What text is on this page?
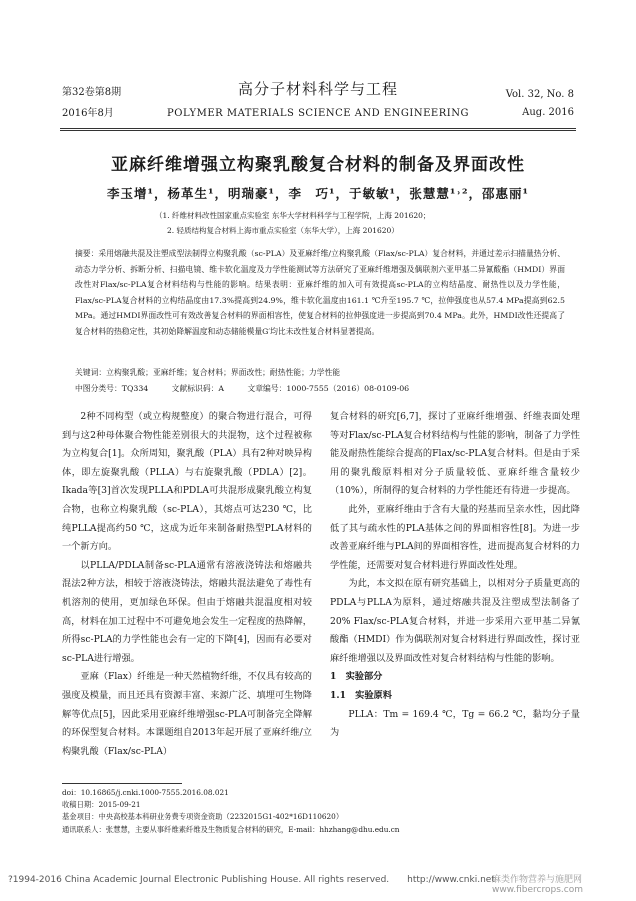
第32卷第8期
2016年8月
高分子材料科学与工程
POLYMER MATERIALS SCIENCE AND ENGINEERING
Vol. 32, No. 8
Aug. 2016
亚麻纤维增强立构聚乳酸复合材料的制备及界面改性
李玉增¹，杨革生¹，明瑞豪¹，李　巧¹，于敏敏¹，张慧慧¹˒²，邵惠丽¹
（1. 纤维材料改性国家重点实验室 东华大学材料科学与工程学院，上海 201620；
2. 轻质结构复合材料上海市重点实验室（东华大学），上海 201620）
摘要：采用熔融共混及注塑成型法制得立构聚乳酸（sc-PLA）及亚麻纤维/立构聚乳酸（Flax/sc-PLA）复合材料，并通过差示扫描量热分析、动态力学分析、拆断分析、扫描电镜、维卡软化温度及力学性能测试等方法研究了亚麻纤维增强及偶联剂六亚甲基二异氰酸酯（HMDI）界面改性对Flax/sc-PLA复合材料结构与性能的影响。结果表明：亚麻纤维的加入可有效提高sc-PLA的立构结晶度、耐热性以及力学性能，Flax/sc-PLA复合材料的立构结晶度由17.3%提高到24.9%，维卡软化温度由161.1 ℃升至195.7 ℃，拉伸强度也从57.4 MPa提高到62.5 MPa。通过HMDI界面改性可有效改善复合材料的界面相容性，使复合材料的拉伸强度进一步提高到70.4 MPa。此外，HMDI改性还提高了复合材料的热稳定性，其初始降解温度和动态储能模量G′均比未改性复合材料显著提高。
关键词：立构聚乳酸；亚麻纤维；复合材料；界面改性；耐热性能；力学性能
中图分类号：TQ334　　　文献标识码：A　　　文章编号：1000-7555（2016）08-0109-06

2种不同构型（或立构规整度）的聚合物进行混合，可得到与这2种母体聚合物性能差别很大的共混物，这个过程被称为立构复合[1]。众所周知，聚乳酸（PLA）具有2种对映异构体，即左旋聚乳酸（PLLA）与右旋聚乳酸（PDLA）[2]。Ikada等[3]首次发现PLLA和PDLA可共混形成聚乳酸立构复合物，也称立构聚乳酸（sc-PLA），其熔点可达230 ℃，比纯PLLA提高约50 ℃，这成为近年来制备耐热型PLA材料的一个新方向。

以PLLA/PDLA制备sc-PLA通常有溶液浇铸法和熔融共混法2种方法，相较于溶液浇铸法，熔融共混法避免了毒性有机溶剂的使用，更加绿色环保。但由于熔融共混温度相对较高，材料在加工过程中不可避免地会发生一定程度的热降解，所得sc-PLA的力学性能也会有一定的下降[4]，因而有必要对sc-PLA进行增强。

亚麻（Flax）纤维是一种天然植物纤维，不仅具有较高的强度及模量，而且还具有资源丰富、来源广泛、填埋可生物降解等优点[5]，因此采用亚麻纤维增强sc-PLA可制备完全降解的环保型复合材料。本课题组自2013年起开展了亚麻纤维/立构聚乳酸（Flax/sc-PLA）

复合材料的研究[6,7]，探讨了亚麻纤维增强、纤维表面处理等对Flax/sc-PLA复合材料结构与性能的影响，制备了力学性能及耐热性能综合提高的Flax/sc-PLA复合材料。但是由于采用的聚乳酸原料相对分子质量较低、亚麻纤维含量较少（10%），所制得的复合材料的力学性能还有待进一步提高。

此外，亚麻纤维由于含有大量的羟基而呈亲水性，因此降低了其与疏水性的PLA基体之间的界面相容性[8]。为进一步改善亚麻纤维与PLA间的界面相容性，进而提高复合材料的力学性能，还需要对复合材料进行界面改性处理。

为此，本文拟在原有研究基础上，以相对分子质量更高的PDLA与PLLA为原料，通过熔融共混及注塑成型法制备了20% Flax/sc-PLA复合材料，并进一步采用六亚甲基二异氰酸酯（HMDI）作为偶联剂对复合材料进行界面改性，探讨亚麻纤维增强以及界面改性对复合材料结构与性能的影响。

1　实验部分

1.1　实验原料

PLLA：Tm = 169.4 ℃，Tg = 66.2 ℃，黏均分子量为

doi：10.16865/j.cnki.1000-7555.2016.08.021
收稿日期：2015-09-21
基金项目：中央高校基本科研业务费专项资金资助（2232015G1-402*16D110620）
通讯联系人：张慧慧，主要从事纤维素纤维及生物质复合材料的研究，E-mail：hhzhang@dhu.edu.cn
?1994-2016 China Academic Journal Electronic Publishing House. All rights reserved.　　http://www.cnki.net
麻类作物营养与施肥网 www.fibercrops.com
